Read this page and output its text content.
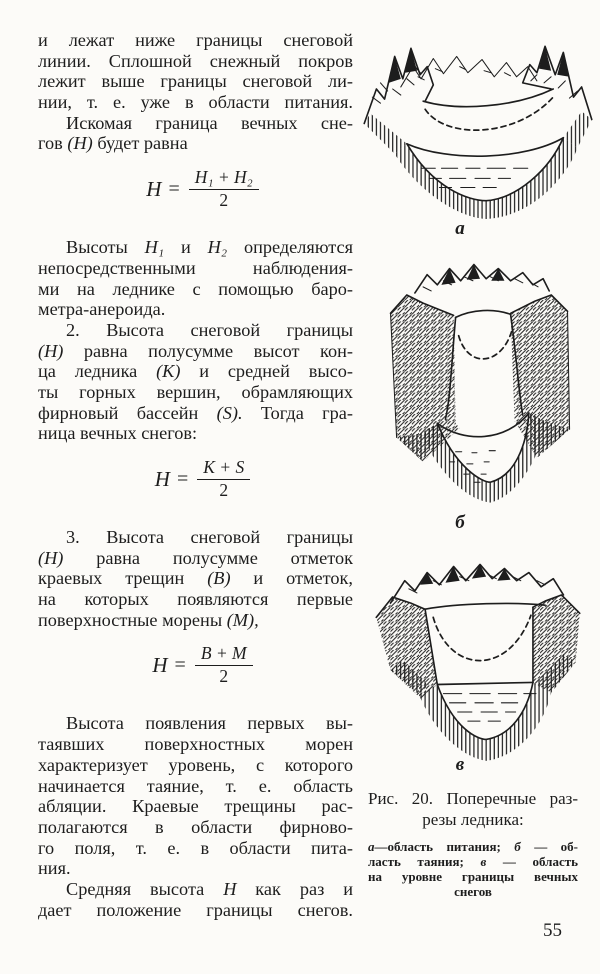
и лежат ниже границы снеговой
линии. Сплошной снежный покров
лежит выше границы снеговой ли-
нии, т. е. уже в области питания.
Искомая граница вечных сне-
гов (Н) будет равна
$H = \frac{\text{H₁ + H₂}}{2}$
Высоты Н₁ и Н₂ определяются
непосредственными наблюдения-
ми на леднике с помощью баро-
метра-анероида.
2. Высота снеговой границы
(Н) равна полусумме высот кон-
ца ледника (К) и средней высо-
ты горных вершин, обрамляющих
фирновый бассейн (S). Тогда гра-
ница вечных снегов:
$H = \frac{K + S}{2}$
3. Высота снеговой границы
(Н) равна полусумме отметок
краевых трещин (В) и отметок,
на которых появляются первые
поверхностные морены (М),
$H = \frac{B + M}{2}$
Высота появления первых вы-
таявших поверхностных морен
характеризует уровень, с которого
начинается таяние, т. е. область
абляции. Краевые трещины рас-
полагаются в области фирново-
го поля, т. е. в области пита-
ния.
Средняя высота Н как раз и
дает положение границы снегов.
а
б
в
Рис. 20. Поперечные раз-
резы ледника:
а—область питания; б — об-
ласть таяния; в — область
на уровне границы вечных
снегов
55
